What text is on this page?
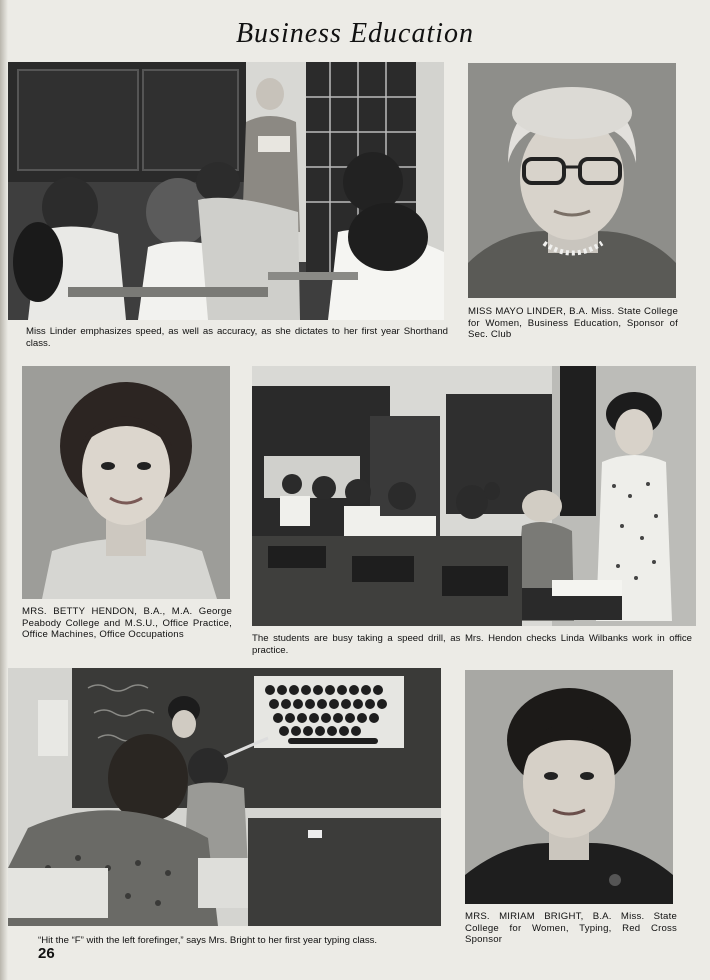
Business Education
Miss Linder emphasizes speed, as well as accuracy, as she dictates to her first year Shorthand class.
MISS MAYO LINDER, B.A. Miss. State College for Women, Business Education, Sponsor of Sec. Club
MRS. BETTY HENDON, B.A., M.A. George Peabody College and M.S.U., Office Practice, Office Machines, Office Occupations	The students are busy taking a speed drill, as Mrs. Hendon checks Linda Wilbanks work in office practice.
“Hit the “F” with the left forefinger,” says Mrs. Bright to her first year typing class.
MRS. MIRIAM BRIGHT, B.A. Miss. State College for Women, Typing, Red Cross Sponsor
26
